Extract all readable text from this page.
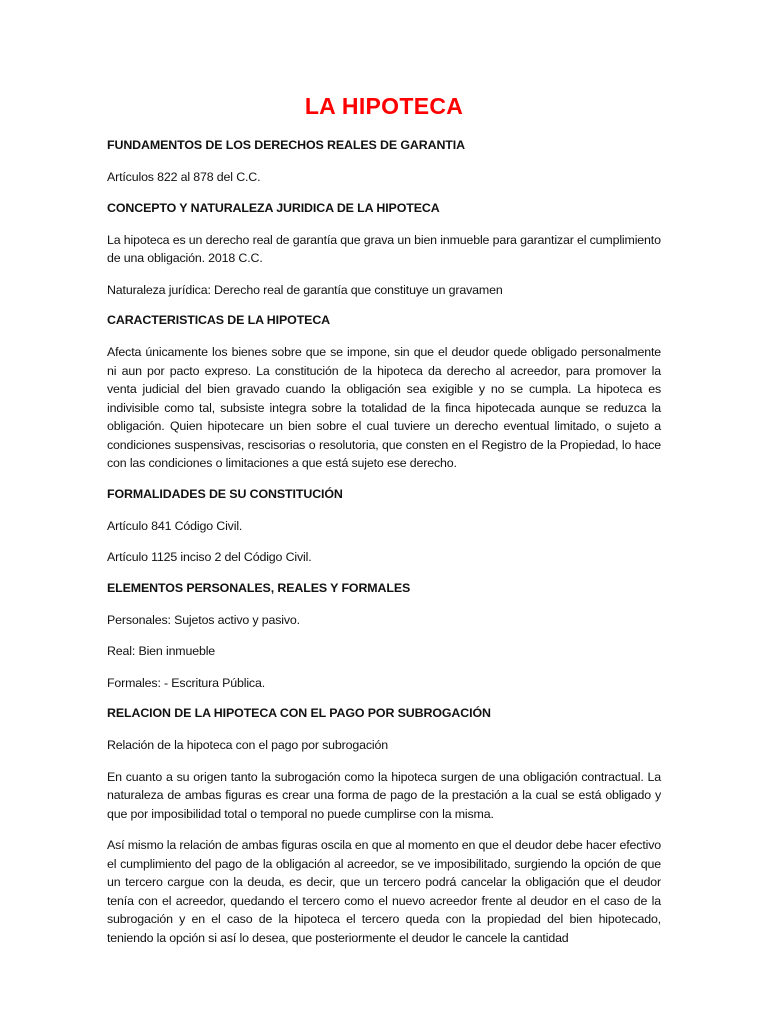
LA HIPOTECA
FUNDAMENTOS DE LOS DERECHOS REALES DE GARANTIA

Artículos 822 al 878 del C.C.

CONCEPTO Y NATURALEZA JURIDICA DE LA HIPOTECA

La hipoteca es un derecho real de garantía que grava un bien inmueble para garantizar el cumplimiento de una obligación. 2018 C.C.

Naturaleza jurídica: Derecho real de garantía que constituye un gravamen

CARACTERISTICAS DE LA HIPOTECA

Afecta únicamente los bienes sobre que se impone, sin que el deudor quede obligado personalmente ni aun por pacto expreso. La constitución de la hipoteca da derecho al acreedor, para promover la venta judicial del bien gravado cuando la obligación sea exigible y no se cumpla. La hipoteca es indivisible como tal, subsiste integra sobre la totalidad de la finca hipotecada aunque se reduzca la obligación. Quien hipotecare un bien sobre el cual tuviere un derecho eventual limitado, o sujeto a condiciones suspensivas, rescisorias o resolutoria, que consten en el Registro de la Propiedad, lo hace con las condiciones o limitaciones a que está sujeto ese derecho.

FORMALIDADES DE SU CONSTITUCIÓN

Artículo 841 Código Civil.

Artículo 1125 inciso 2 del Código Civil.

ELEMENTOS PERSONALES, REALES Y FORMALES

Personales: Sujetos activo y pasivo.

Real: Bien inmueble

Formales: - Escritura Pública.

RELACION DE LA HIPOTECA CON EL PAGO POR SUBROGACIÓN

Relación de la hipoteca con el pago por subrogación

En cuanto a su origen tanto la subrogación como la hipoteca surgen de una obligación contractual. La naturaleza de ambas figuras es crear una forma de pago de la prestación a la cual se está obligado y que por imposibilidad total o temporal no puede cumplirse con la misma.

Así mismo la relación de ambas figuras oscila en que al momento en que el deudor debe hacer efectivo el cumplimiento del pago de la obligación al acreedor, se ve imposibilitado, surgiendo la opción de que un tercero cargue con la deuda, es decir, que un tercero podrá cancelar la obligación que el deudor tenía con el acreedor, quedando el tercero como el nuevo acreedor frente al deudor en el caso de la subrogación y en el caso de la hipoteca el tercero queda con la propiedad del bien hipotecado, teniendo la opción si así lo desea, que posteriormente el deudor le cancele la cantidad
